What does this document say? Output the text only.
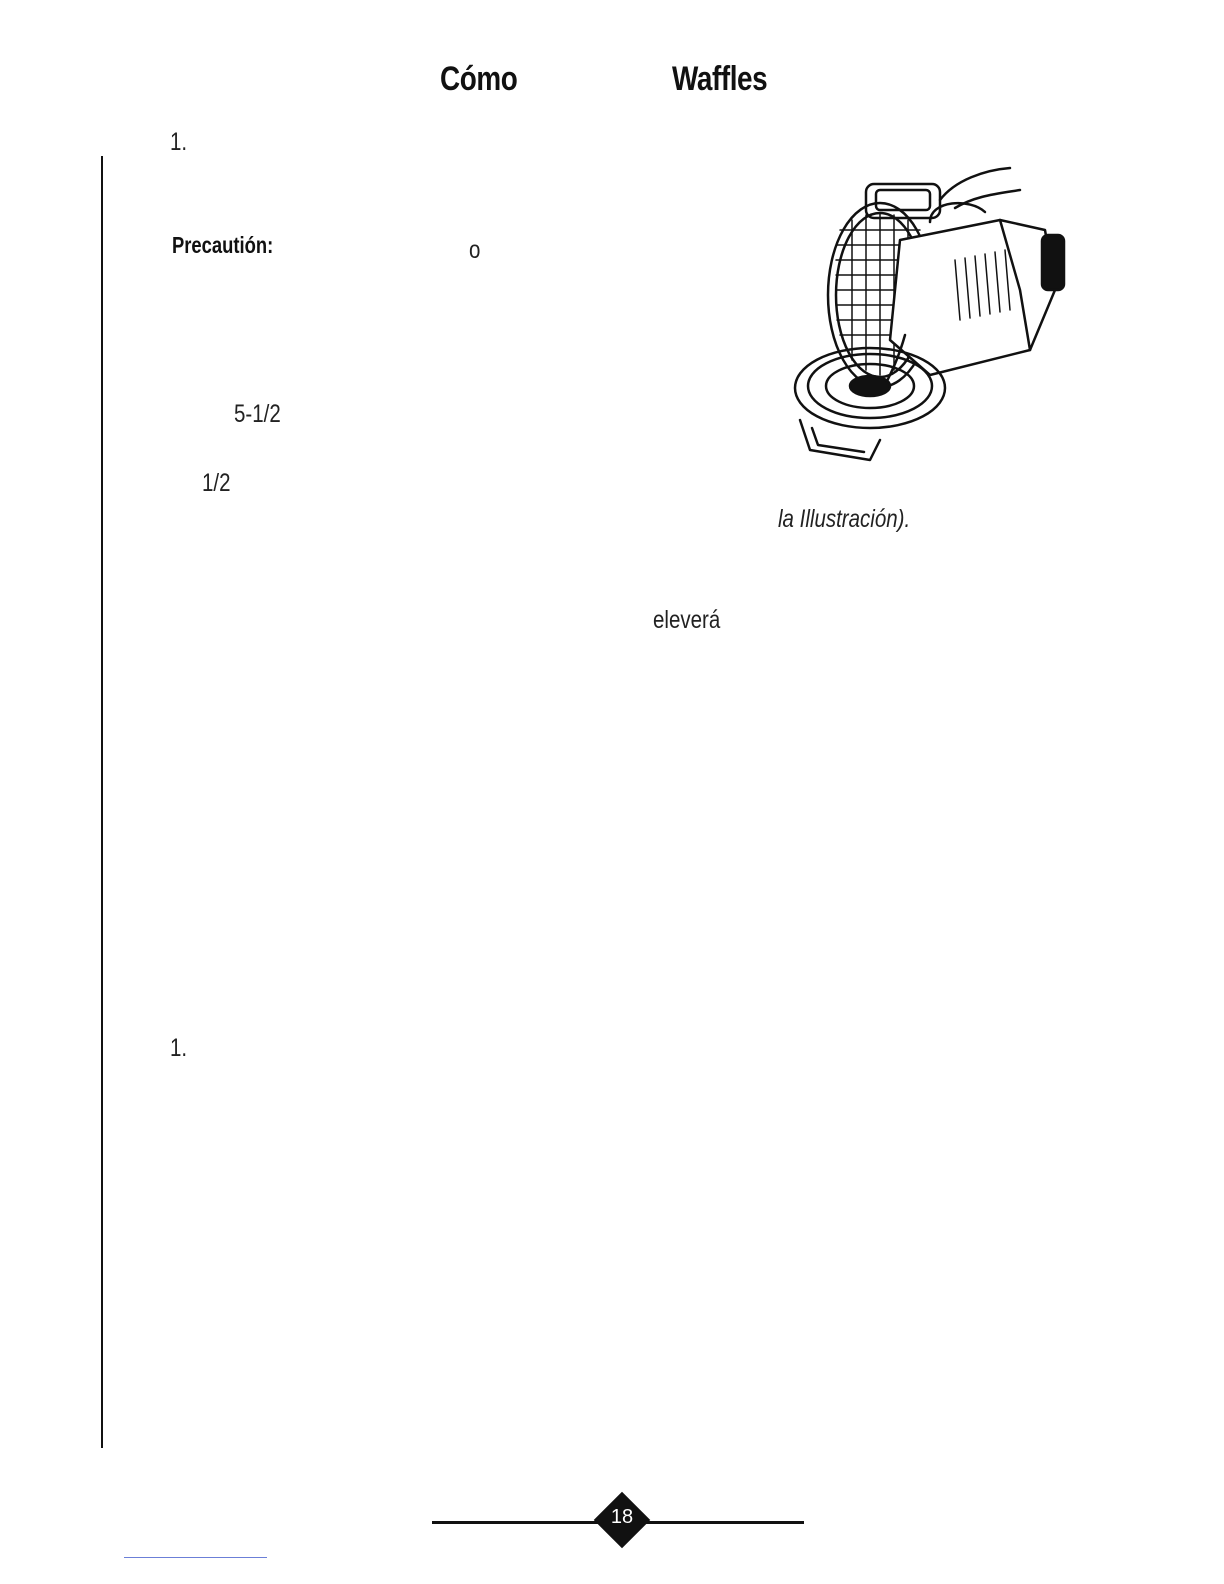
Cómo	Waffles
1.
Precautión:	o
5-1/2
1/2
la Illustración).
eleverá
1.
18
